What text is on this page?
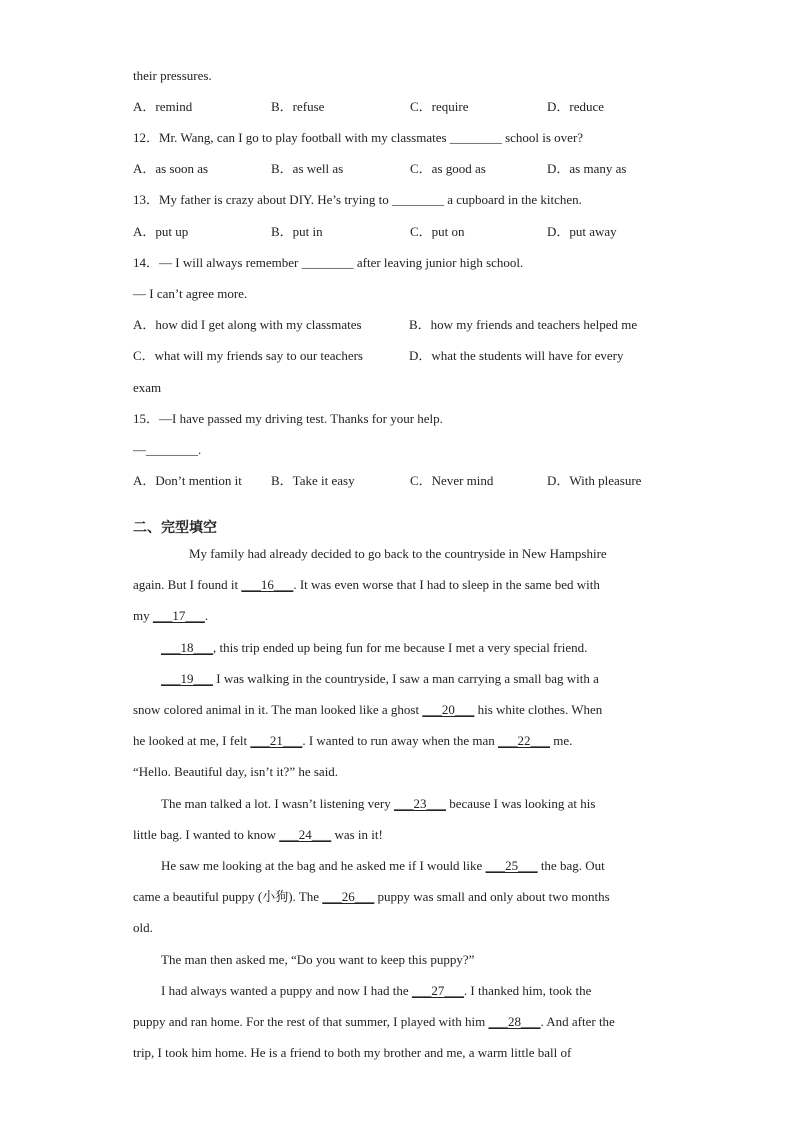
their pressures.
A．remind	B．refuse	C．require	D．reduce
12．Mr. Wang, can I go to play football with my classmates ________ school is over?
A．as soon as	B．as well as	C．as good as	D．as many as
13．My father is crazy about DIY. He’s trying to ________ a cupboard in the kitchen.
A．put up	B．put in	C．put on	D．put away
14．— I will always remember ________ after leaving junior high school.
— I can’t agree more.
A．how did I get along with my classmates	B．how my friends and teachers helped me
C．what will my friends say to our teachers	D．what the students will have for every
exam
15．—I have passed my driving test. Thanks for your help.
—________.
A．Don’t mention it B．Take it easy	C．Never mind	D．With pleasure
二、完型填空
My family had already decided to go back to the countryside in New Hampshire
again. But I found it ___16___. It was even worse that I had to sleep in the same bed with
my ___17___.
___18___, this trip ended up being fun for me because I met a very special friend.
___19___ I was walking in the countryside, I saw a man carrying a small bag with a
snow colored animal in it. The man looked like a ghost ___20___ his white clothes. When
he looked at me, I felt ___21___. I wanted to run away when the man ___22___ me.
“Hello. Beautiful day, isn’t it?” he said.
The man talked a lot. I wasn’t listening very ___23___ because I was looking at his
little bag. I wanted to know ___24___ was in it!
He saw me looking at the bag and he asked me if I would like ___25___ the bag. Out
came a beautiful puppy (小狗). The ___26___ puppy was small and only about two months
old.
The man then asked me, “Do you want to keep this puppy?”
I had always wanted a puppy and now I had the ___27___. I thanked him, took the
puppy and ran home. For the rest of that summer, I played with him ___28___. And after the
trip, I took him home. He is a friend to both my brother and me, a warm little ball of
